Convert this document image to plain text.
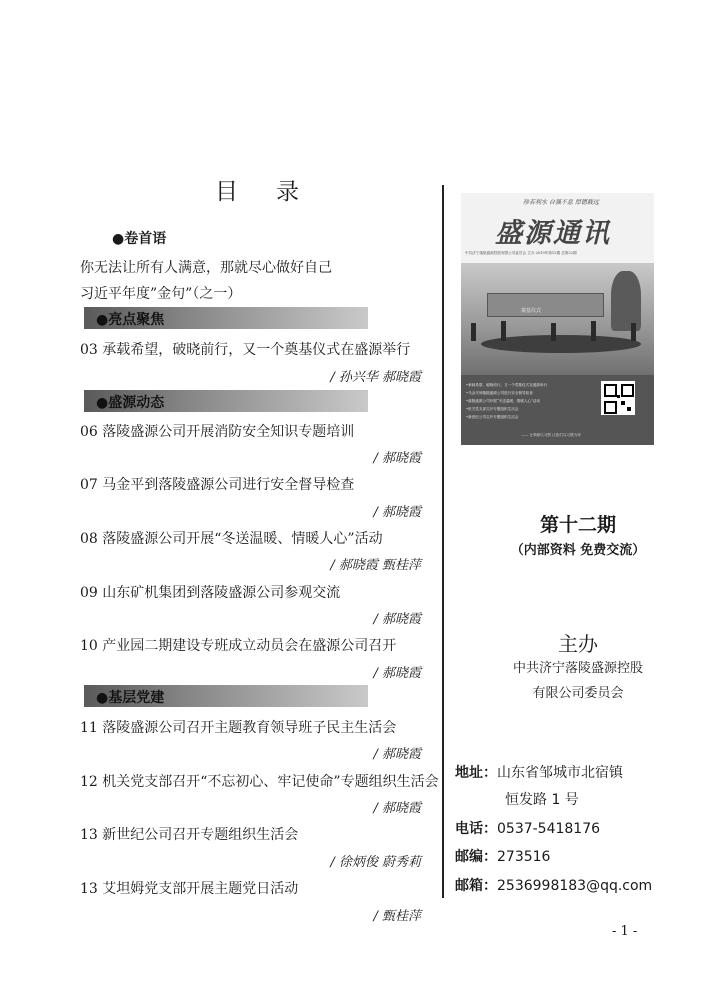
目录
●卷首语
你无法让所有人满意，那就尽心做好自己
习近平年度”金句”（之一）
●亮点聚焦
03 承载希望，破晓前行，又一个奠基仪式在盛源举行
/ 孙兴华 郝晓霞
●盛源动态
06 落陵盛源公司开展消防安全知识专题培训
/ 郝晓霞
07 马金平到落陵盛源公司进行安全督导检查
/ 郝晓霞
08 落陵盛源公司开展“冬送温暖、情暖人心”活动
/ 郝晓霞 甄桂萍
09 山东矿机集团到落陵盛源公司参观交流
/ 郝晓霞
10 产业园二期建设专班成立动员会在盛源公司召开
/ 郝晓霞
●基层党建
11 落陵盛源公司召开主题教育领导班子民主生活会
/ 郝晓霞
12 机关党支部召开“不忘初心、牢记使命”专题组织生活会
/ 郝晓霞
13 新世纪公司召开专题组织生活会
/ 徐炳俊 蔚秀莉
13 艾坦姆党支部开展主题党日活动
/ 甄桂萍
珍若利水 自强不息 厚德载远
盛源通讯
中共济宁落陵盛源控股有限公司委员会 主办 2019年第12期 总第22期
奠基仪式
•承载希望，破晓前行，又一个奠基仪式在盛源举行
•马金平到落陵盛源公司进行安全督导检查
•落陵盛源公司开展“冬送温暖、情暖人心”活动
•机关党支部召开专题组织生活会
•新世纪公司召开专题组织生活会
—— 让奉献以习惯 让我们以习惯为荣
第十二期
（内部资料 免费交流）
主办
中共济宁落陵盛源控股
有限公司委员会
地址：山东省邹城市北宿镇
恒发路 1 号
电话：0537-5418176
邮编：273516
邮箱：2536998183@qq.com
- 1 -
